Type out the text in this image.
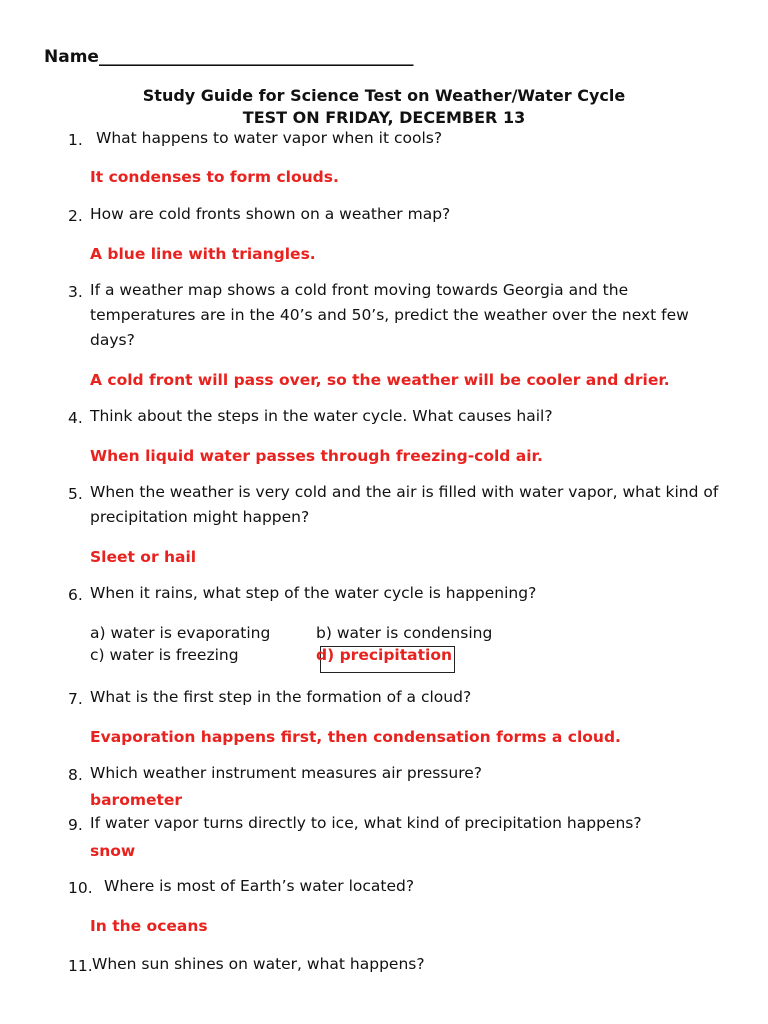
Name_____________________________________
Study Guide for Science Test on Weather/Water Cycle
TEST ON FRIDAY, DECEMBER 13
1. What happens to water vapor when it cools?
It condenses to form clouds.
2. How are cold fronts shown on a weather map?
A blue line with triangles.
3. If a weather map shows a cold front moving towards Georgia and the
temperatures are in the 40’s and 50’s, predict the weather over the next few
days?
A cold front will pass over, so the weather will be cooler and drier.
4. Think about the steps in the water cycle. What causes hail?
When liquid water passes through freezing-cold air.
5. When the weather is very cold and the air is filled with water vapor, what kind of
precipitation might happen?
Sleet or hail
6. When it rains, what step of the water cycle is happening?
a) water is evaporating	b) water is condensing
c) water is freezing	d) precipitation
7. What is the first step in the formation of a cloud?
Evaporation happens first, then condensation forms a cloud.
8. Which weather instrument measures air pressure?
barometer
9. If water vapor turns directly to ice, what kind of precipitation happens?
snow
10. Where is most of Earth’s water located?
In the oceans
11. When sun shines on water, what happens?
